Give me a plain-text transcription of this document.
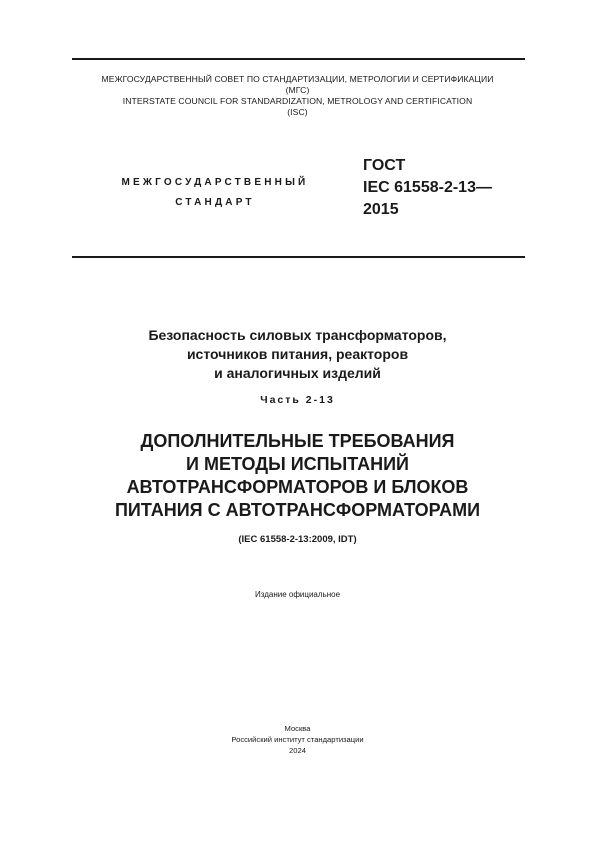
МЕЖГОСУДАРСТВЕННЫЙ СОВЕТ ПО СТАНДАРТИЗАЦИИ, МЕТРОЛОГИИ И СЕРТИФИКАЦИИ
(МГС)
INTERSTATE COUNCIL FOR STANDARDIZATION, METROLOGY AND CERTIFICATION
(ISC)
МЕЖГОСУДАРСТВЕННЫЙ
СТАНДАРТ
ГОСТ
IEC 61558-2-13—
2015
Безопасность силовых трансформаторов,
источников питания, реакторов
и аналогичных изделий
Часть 2-13
ДОПОЛНИТЕЛЬНЫЕ ТРЕБОВАНИЯ
И МЕТОДЫ ИСПЫТАНИЙ
АВТОТРАНСФОРМАТОРОВ И БЛОКОВ
ПИТАНИЯ С АВТОТРАНСФОРМАТОРАМИ
(IEC 61558-2-13:2009, IDT)
Издание официальное
Москва
Российский институт стандартизации
2024
